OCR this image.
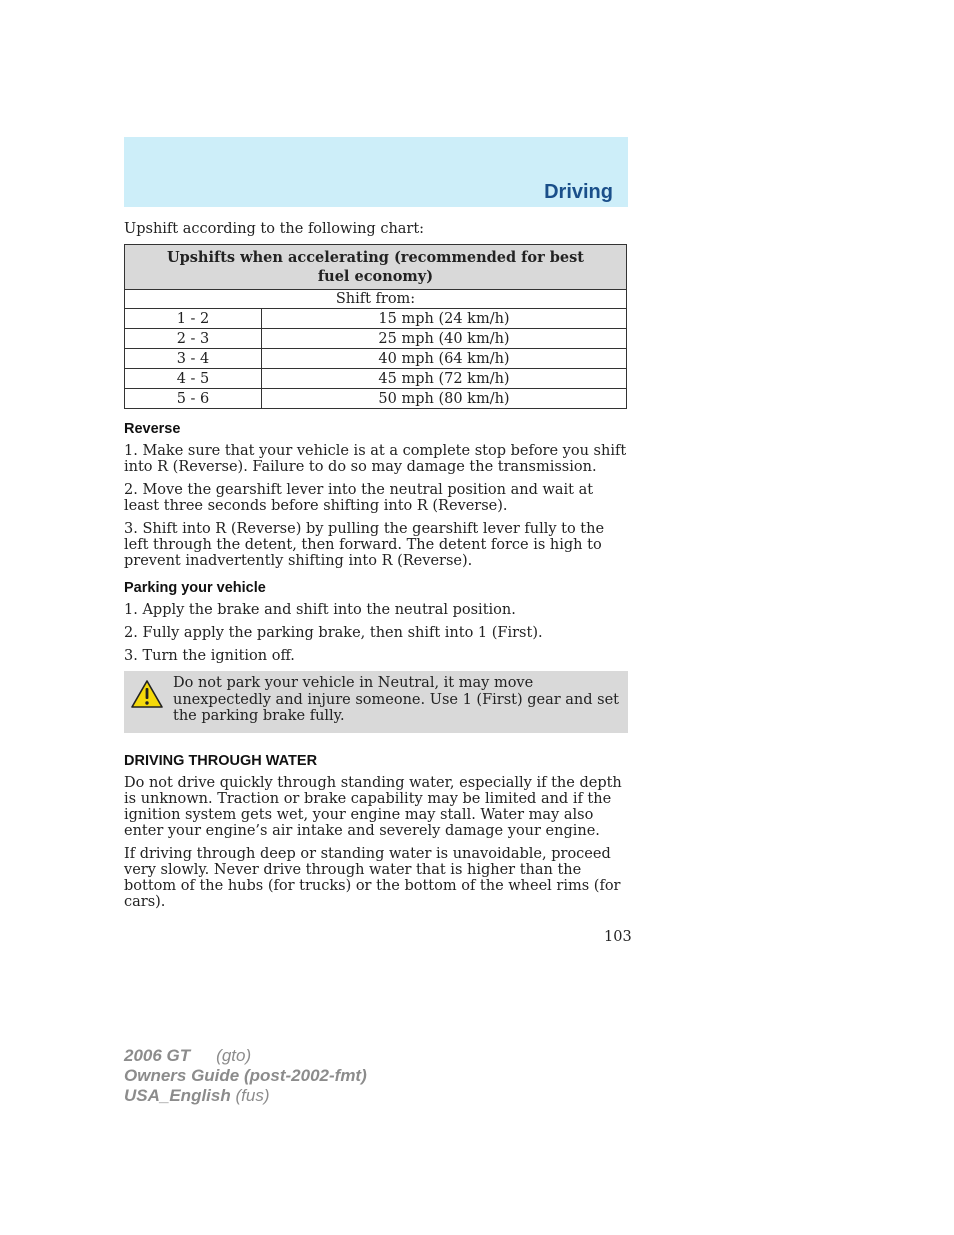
Driving

Upshift according to the following chart:

Upshifts when accelerating (recommended for best fuel economy)	
Shift from:	
1 - 2	15 mph (24 km/h)
2 - 3	25 mph (40 km/h)
3 - 4	40 mph (64 km/h)
4 - 5	45 mph (72 km/h)
5 - 6	50 mph (80 km/h)
Reverse

1. Make sure that your vehicle is at a complete stop before you shift into R (Reverse). Failure to do so may damage the transmission.

2. Move the gearshift lever into the neutral position and wait at least three seconds before shifting into R (Reverse).

3. Shift into R (Reverse) by pulling the gearshift lever fully to the left through the detent, then forward. The detent force is high to prevent inadvertently shifting into R (Reverse).

Parking your vehicle

1. Apply the brake and shift into the neutral position.

2. Fully apply the parking brake, then shift into 1 (First).

3. Turn the ignition off.

Do not park your vehicle in Neutral, it may move unexpectedly and injure someone. Use 1 (First) gear and set the parking brake fully.
DRIVING THROUGH WATER

Do not drive quickly through standing water, especially if the depth is unknown. Traction or brake capability may be limited and if the ignition system gets wet, your engine may stall. Water may also enter your engine’s air intake and severely damage your engine.

If driving through deep or standing water is unavoidable, proceed very slowly. Never drive through water that is higher than the bottom of the hubs (for trucks) or the bottom of the wheel rims (for cars).

103
2006 GT (gto)
Owners Guide (post-2002-fmt)
USA_English (fus)
